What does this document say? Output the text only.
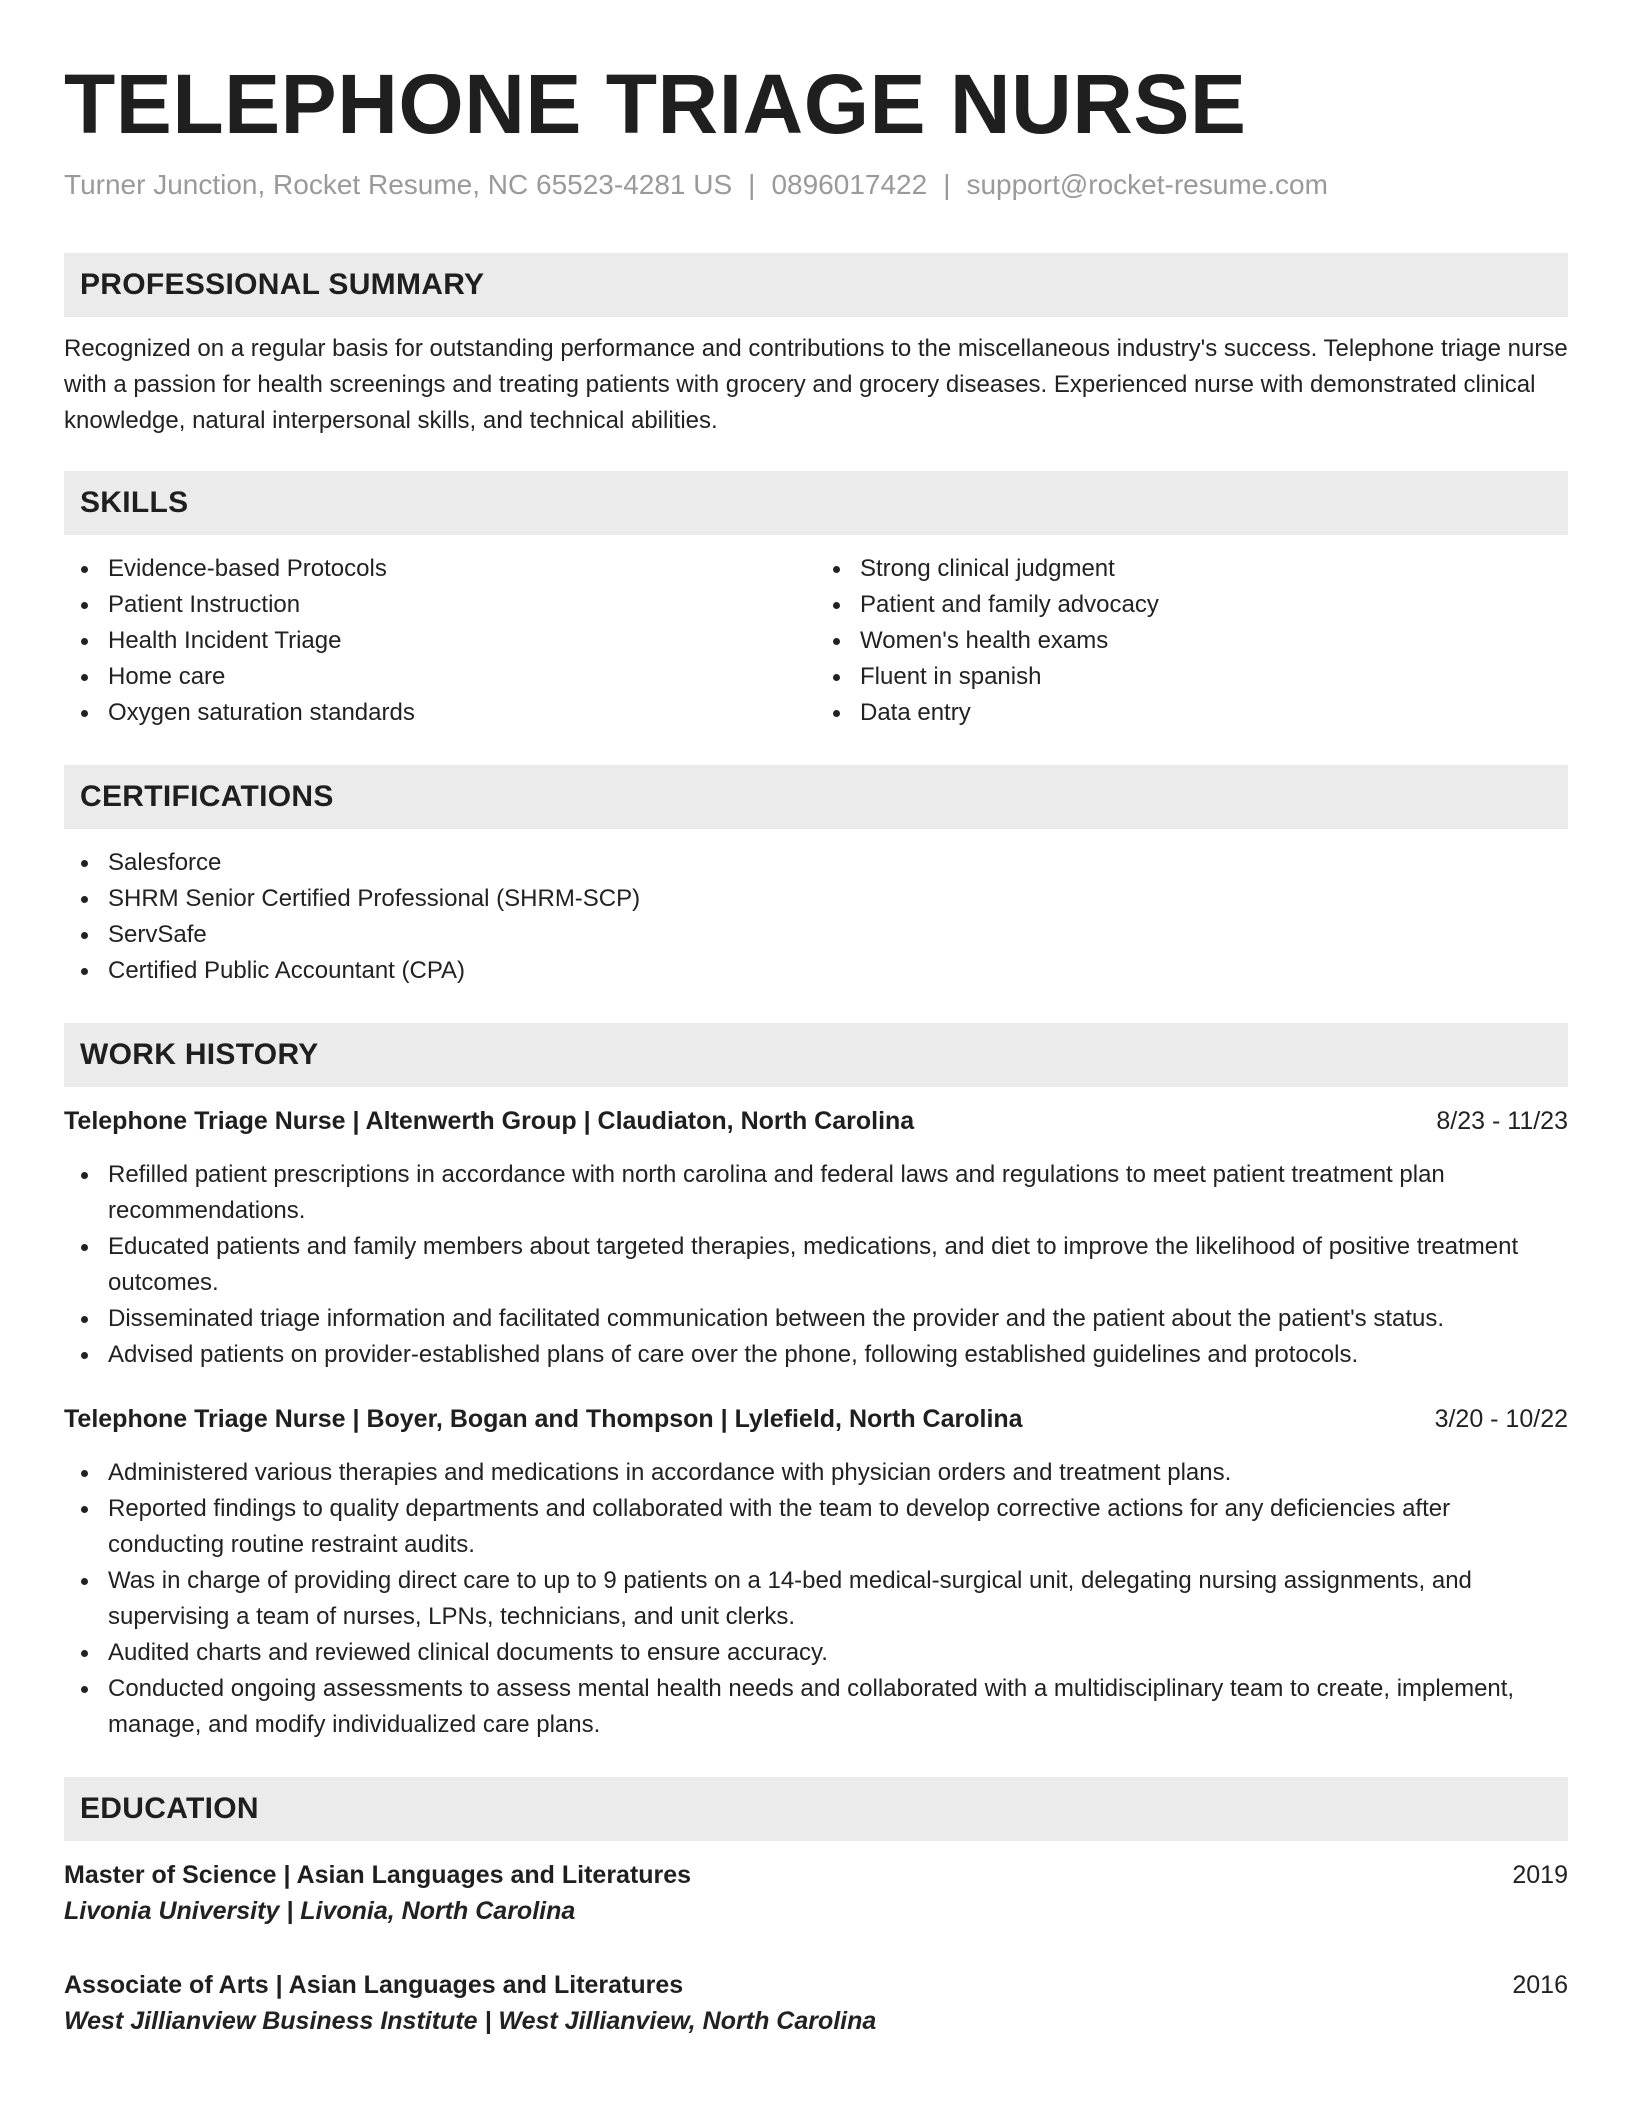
TELEPHONE TRIAGE NURSE
Turner Junction, Rocket Resume, NC 65523-4281 US | 0896017422 | support@rocket-resume.com
PROFESSIONAL SUMMARY

Recognized on a regular basis for outstanding performance and contributions to the miscellaneous industry's success. Telephone triage nurse with a passion for health screenings and treating patients with grocery and grocery diseases. Experienced nurse with demonstrated clinical knowledge, natural interpersonal skills, and technical abilities.

SKILLS
Evidence-based Protocols
Patient Instruction
Health Incident Triage
Home care
Oxygen saturation standards
Strong clinical judgment
Patient and family advocacy
Women's health exams
Fluent in spanish
Data entry
CERTIFICATIONS
Salesforce
SHRM Senior Certified Professional (SHRM-SCP)
ServSafe
Certified Public Accountant (CPA)
WORK HISTORY
Telephone Triage Nurse | Altenwerth Group | Claudiaton, North Carolina	8/23 - 11/23
Refilled patient prescriptions in accordance with north carolina and federal laws and regulations to meet patient treatment plan recommendations.
Educated patients and family members about targeted therapies, medications, and diet to improve the likelihood of positive treatment outcomes.
Disseminated triage information and facilitated communication between the provider and the patient about the patient's status.
Advised patients on provider-established plans of care over the phone, following established guidelines and protocols.
Telephone Triage Nurse | Boyer, Bogan and Thompson | Lylefield, North Carolina	3/20 - 10/22
Administered various therapies and medications in accordance with physician orders and treatment plans.
Reported findings to quality departments and collaborated with the team to develop corrective actions for any deficiencies after conducting routine restraint audits.
Was in charge of providing direct care to up to 9 patients on a 14-bed medical-surgical unit, delegating nursing assignments, and supervising a team of nurses, LPNs, technicians, and unit clerks.
Audited charts and reviewed clinical documents to ensure accuracy.
Conducted ongoing assessments to assess mental health needs and collaborated with a multidisciplinary team to create, implement, manage, and modify individualized care plans.
EDUCATION
Master of Science | Asian Languages and Literatures	2019
Livonia University | Livonia, North Carolina
Associate of Arts | Asian Languages and Literatures	2016
West Jillianview Business Institute | West Jillianview, North Carolina
